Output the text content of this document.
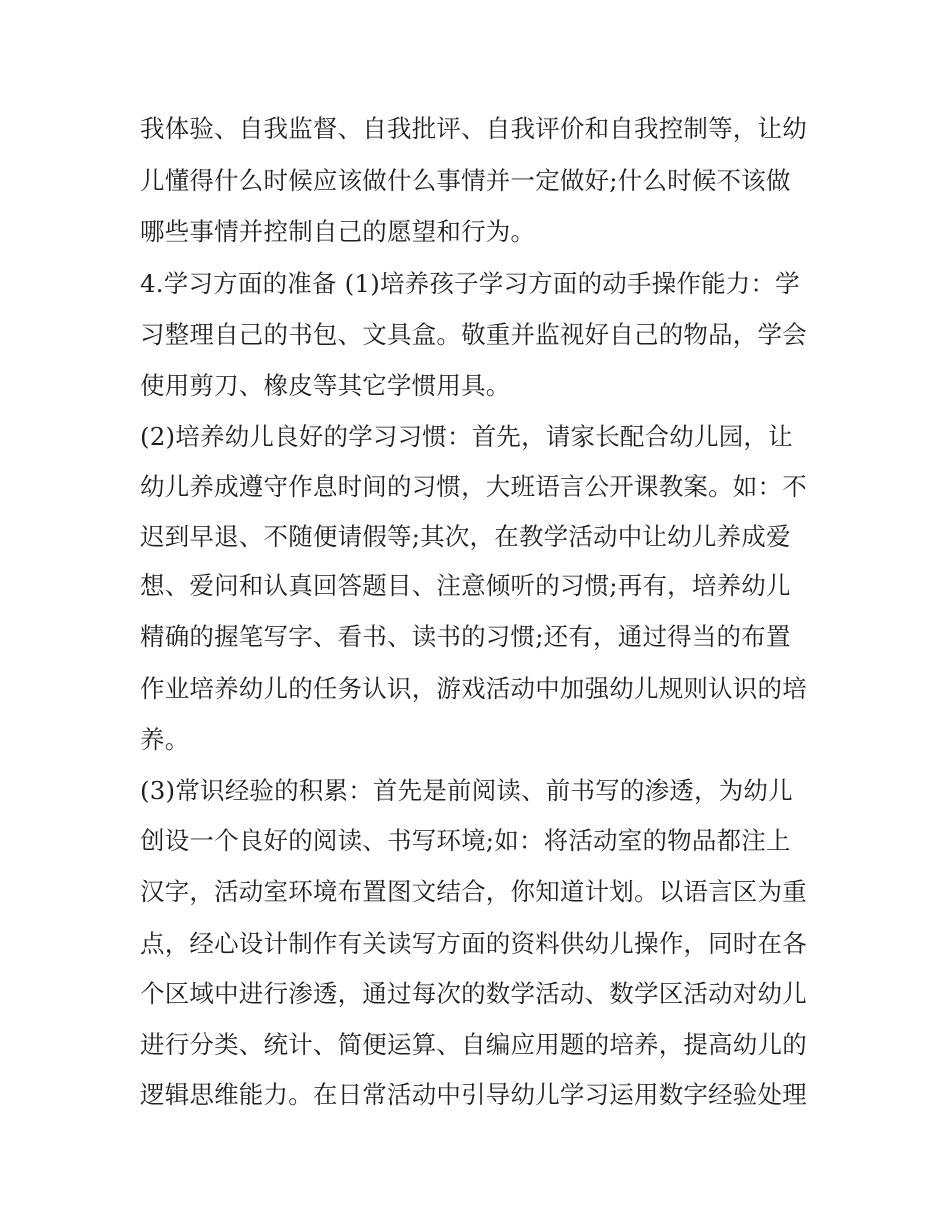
我体验、自我监督、自我批评、自我评价和自我控制等，让幼
儿懂得什么时候应该做什么事情并一定做好;什么时候不该做
哪些事情并控制自己的愿望和行为。
4.学习方面的准备 (1)培养孩子学习方面的动手操作能力：学
习整理自己的书包、文具盒。敬重并监视好自己的物品，学会
使用剪刀、橡皮等其它学惯用具。
(2)培养幼儿良好的学习习惯：首先，请家长配合幼儿园，让
幼儿养成遵守作息时间的习惯，大班语言公开课教案。如：不
迟到早退、不随便请假等;其次，在教学活动中让幼儿养成爱
想、爱问和认真回答题目、注意倾听的习惯;再有，培养幼儿
精确的握笔写字、看书、读书的习惯;还有，通过得当的布置
作业培养幼儿的任务认识，游戏活动中加强幼儿规则认识的培
养。
(3)常识经验的积累：首先是前阅读、前书写的渗透，为幼儿
创设一个良好的阅读、书写环境;如：将活动室的物品都注上
汉字，活动室环境布置图文结合，你知道计划。以语言区为重
点，经心设计制作有关读写方面的资料供幼儿操作，同时在各
个区域中进行渗透，通过每次的数学活动、数学区活动对幼儿
进行分类、统计、简便运算、自编应用题的培养，提高幼儿的
逻辑思维能力。在日常活动中引导幼儿学习运用数字经验处理
